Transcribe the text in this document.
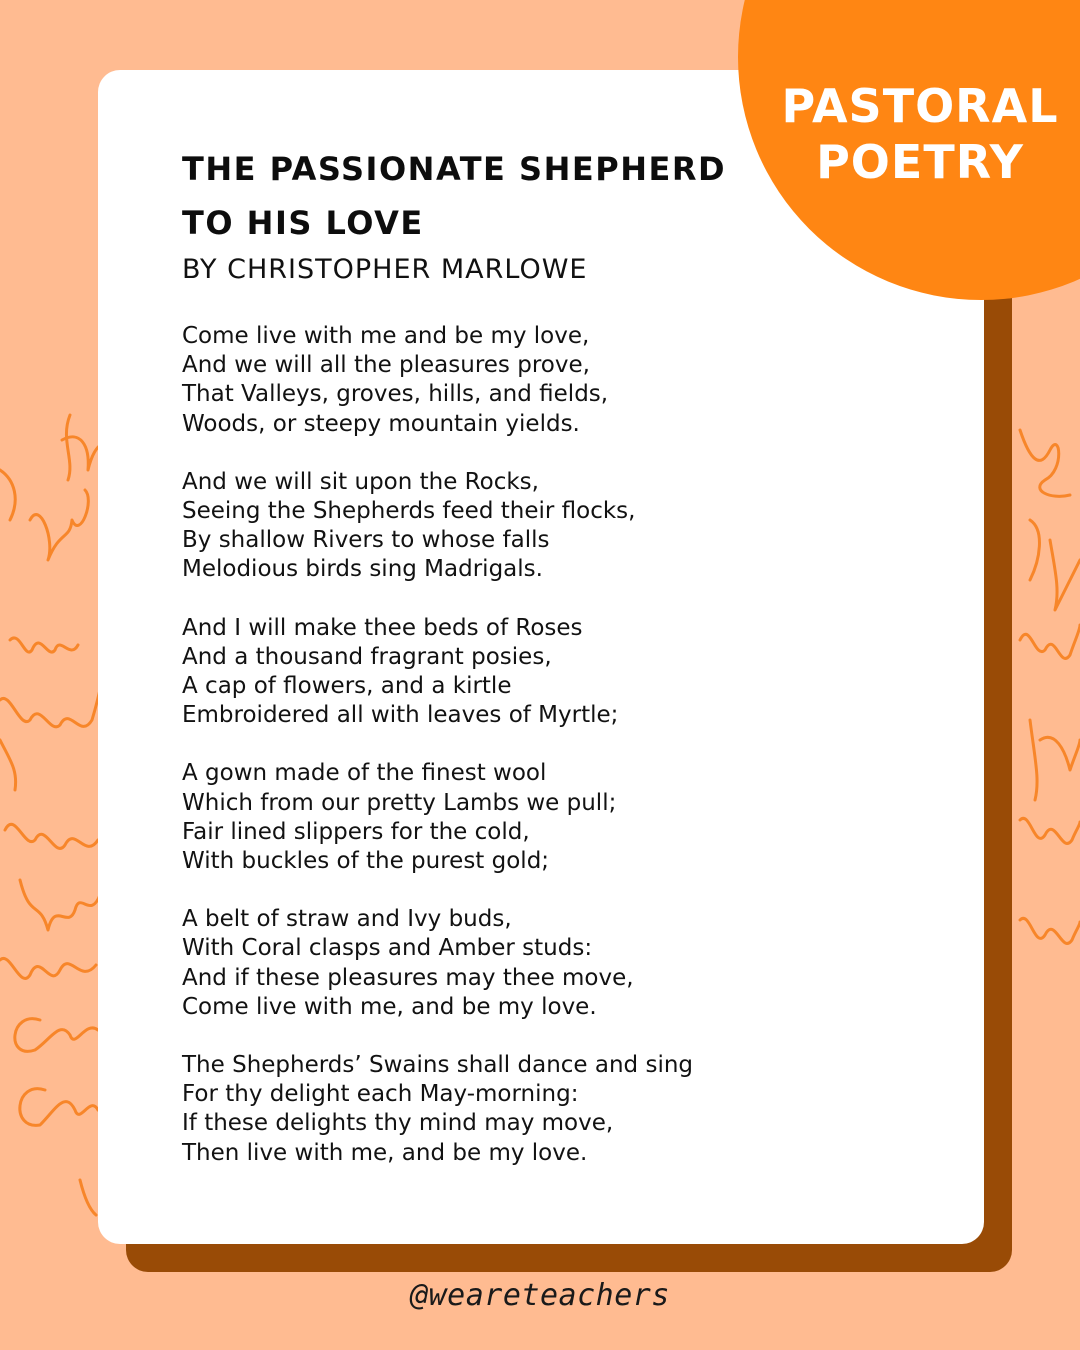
THE PASSIONATE SHEPHERD TO HIS LOVE
BY CHRISTOPHER MARLOWE
Come live with me and be my love,
And we will all the pleasures prove,
That Valleys, groves, hills, and fields,
Woods, or steepy mountain yields.
And we will sit upon the Rocks,
Seeing the Shepherds feed their flocks,
By shallow Rivers to whose falls
Melodious birds sing Madrigals.
And I will make thee beds of Roses
And a thousand fragrant posies,
A cap of flowers, and a kirtle
Embroidered all with leaves of Myrtle;
A gown made of the finest wool
Which from our pretty Lambs we pull;
Fair lined slippers for the cold,
With buckles of the purest gold;
A belt of straw and Ivy buds,
With Coral clasps and Amber studs:
And if these pleasures may thee move,
Come live with me, and be my love.
The Shepherds’ Swains shall dance and sing
For thy delight each May-morning:
If these delights thy mind may move,
Then live with me, and be my love.
PASTORAL
POETRY
@weareteachers
